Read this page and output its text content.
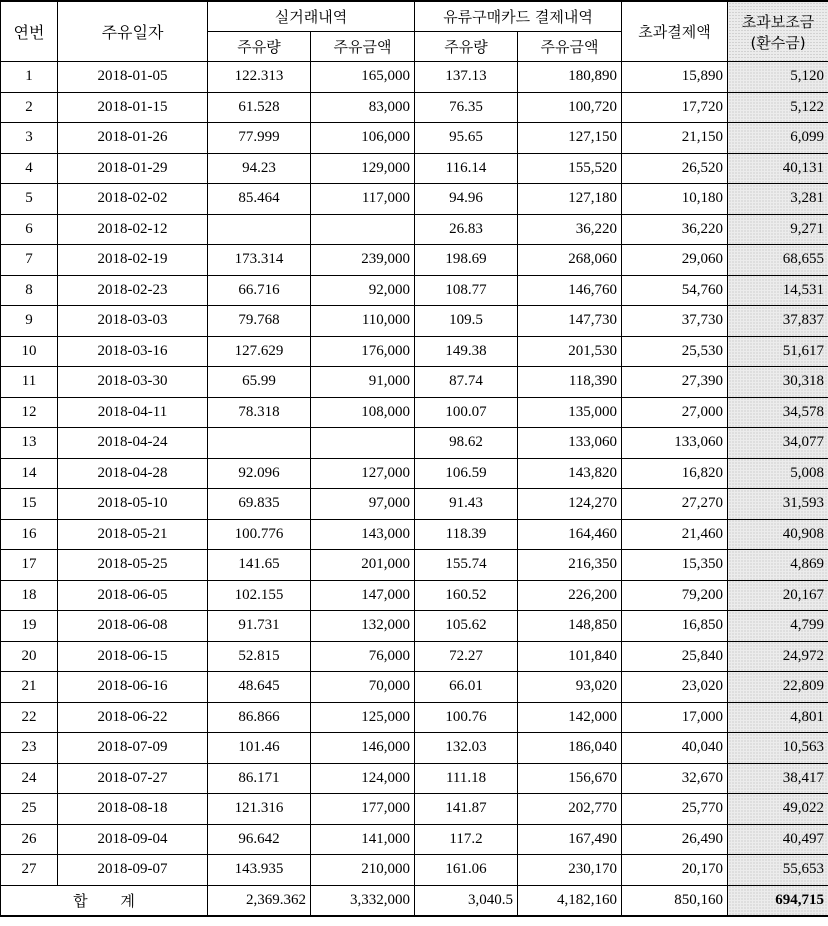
연번	주유일자	실거래내역		유류구매카드 결제내역		초과결제액	초과보조금
(환수금)

		주유량	주유금액	주유량	주유금액		
1	2018-01-05	122.313	165,000	137.13	180,890	15,890	5,120
2	2018-01-15	61.528	83,000	76.35	100,720	17,720	5,122
3	2018-01-26	77.999	106,000	95.65	127,150	21,150	6,099
4	2018-01-29	94.23	129,000	116.14	155,520	26,520	40,131
5	2018-02-02	85.464	117,000	94.96	127,180	10,180	3,281
6	2018-02-12			26.83	36,220	36,220	9,271
7	2018-02-19	173.314	239,000	198.69	268,060	29,060	68,655
8	2018-02-23	66.716	92,000	108.77	146,760	54,760	14,531
9	2018-03-03	79.768	110,000	109.5	147,730	37,730	37,837
10	2018-03-16	127.629	176,000	149.38	201,530	25,530	51,617
11	2018-03-30	65.99	91,000	87.74	118,390	27,390	30,318
12	2018-04-11	78.318	108,000	100.07	135,000	27,000	34,578
13	2018-04-24			98.62	133,060	133,060	34,077
14	2018-04-28	92.096	127,000	106.59	143,820	16,820	5,008
15	2018-05-10	69.835	97,000	91.43	124,270	27,270	31,593
16	2018-05-21	100.776	143,000	118.39	164,460	21,460	40,908
17	2018-05-25	141.65	201,000	155.74	216,350	15,350	4,869
18	2018-06-05	102.155	147,000	160.52	226,200	79,200	20,167
19	2018-06-08	91.731	132,000	105.62	148,850	16,850	4,799
20	2018-06-15	52.815	76,000	72.27	101,840	25,840	24,972
21	2018-06-16	48.645	70,000	66.01	93,020	23,020	22,809
22	2018-06-22	86.866	125,000	100.76	142,000	17,000	4,801
23	2018-07-09	101.46	146,000	132.03	186,040	40,040	10,563
24	2018-07-27	86.171	124,000	111.18	156,670	32,670	38,417
25	2018-08-18	121.316	177,000	141.87	202,770	25,770	49,022
26	2018-09-04	96.642	141,000	117.2	167,490	26,490	40,497
27	2018-09-07	143.935	210,000	161.06	230,170	20,170	55,653
합 계		2,369.362	3,332,000	3,040.5	4,182,160	850,160	694,715
